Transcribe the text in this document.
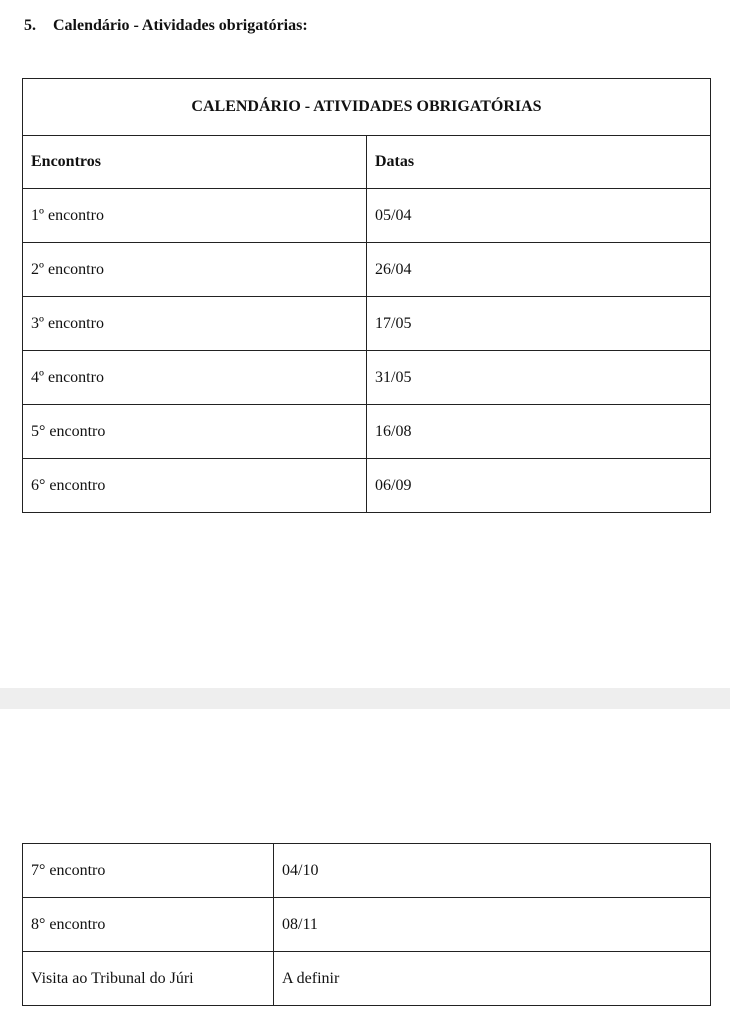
5. Calendário - Atividades obrigatórias:
CALENDÁRIO - ATIVIDADES OBRIGATÓRIAS	
Encontros	Datas
1º encontro	05/04
2º encontro	26/04
3º encontro	17/05
4º encontro	31/05
5° encontro	16/08
6° encontro	06/09
7° encontro	04/10
8° encontro	08/11
Visita ao Tribunal do Júri	A definir
